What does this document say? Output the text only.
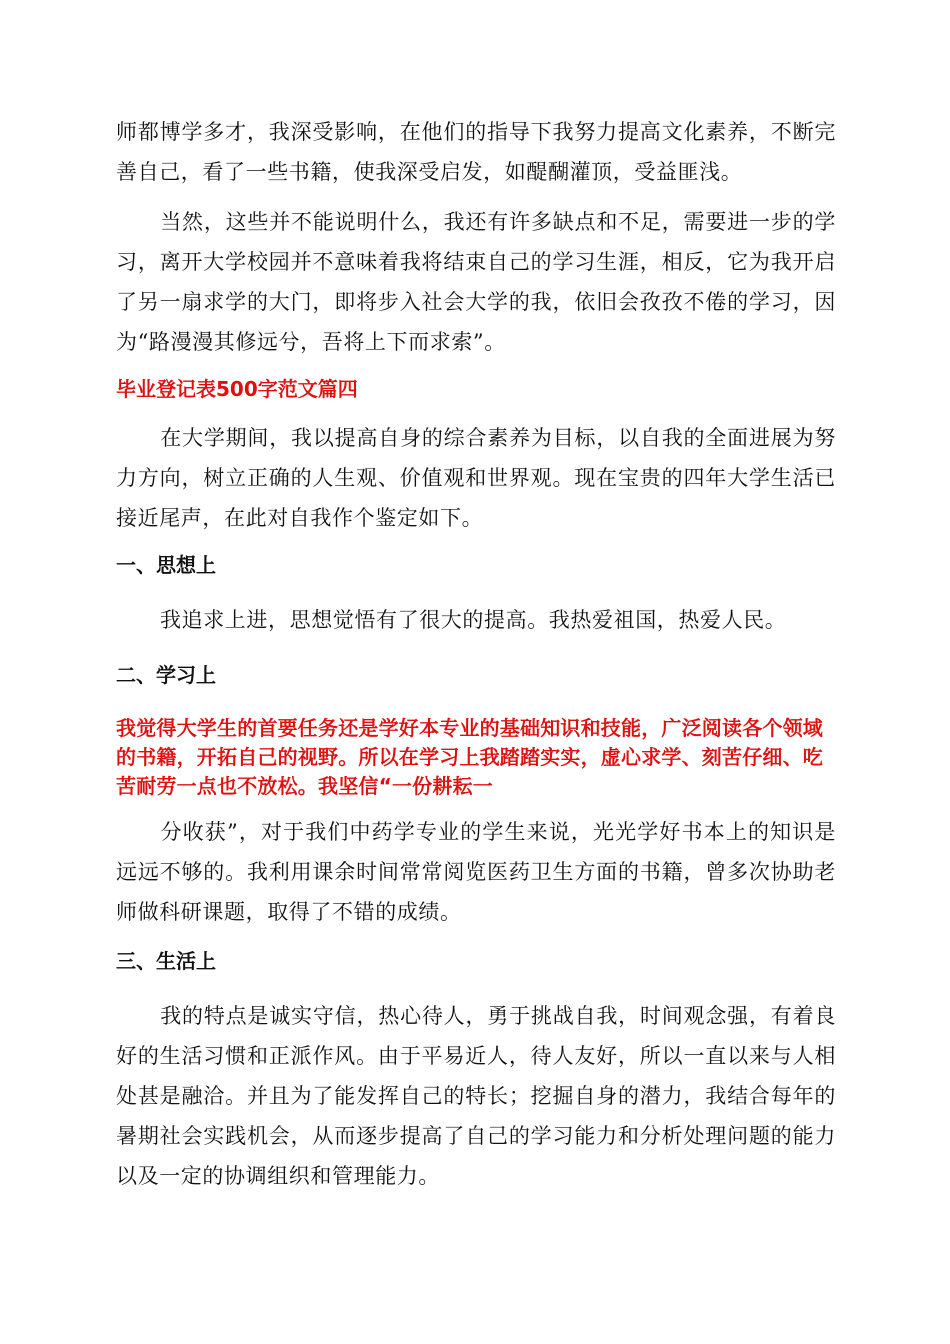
师都博学多才，我深受影响，在他们的指导下我努力提高文化素养，不断完善自己，看了一些书籍，使我深受启发，如醍醐灌顶，受益匪浅。

当然，这些并不能说明什么，我还有许多缺点和不足，需要进一步的学习，离开大学校园并不意味着我将结束自己的学习生涯，相反，它为我开启了另一扇求学的大门，即将步入社会大学的我，依旧会孜孜不倦的学习，因为“路漫漫其修远兮，吾将上下而求索”。

毕业登记表500字范文篇四

在大学期间，我以提高自身的综合素养为目标，以自我的全面进展为努力方向，树立正确的人生观、价值观和世界观。现在宝贵的四年大学生活已接近尾声，在此对自我作个鉴定如下。

一、思想上

我追求上进，思想觉悟有了很大的提高。我热爱祖国，热爱人民。

二、学习上

我觉得大学生的首要任务还是学好本专业的基础知识和技能，广泛阅读各个领域的书籍，开拓自己的视野。所以在学习上我踏踏实实，虚心求学、刻苦仔细、吃苦耐劳一点也不放松。我坚信“一份耕耘一

分收获”，对于我们中药学专业的学生来说，光光学好书本上的知识是远远不够的。我利用课余时间常常阅览医药卫生方面的书籍，曾多次协助老师做科研课题，取得了不错的成绩。

三、生活上

我的特点是诚实守信，热心待人，勇于挑战自我，时间观念强，有着良好的生活习惯和正派作风。由于平易近人，待人友好，所以一直以来与人相处甚是融洽。并且为了能发挥自己的特长；挖掘自身的潜力，我结合每年的暑期社会实践机会，从而逐步提高了自己的学习能力和分析处理问题的能力以及一定的协调组织和管理能力。
